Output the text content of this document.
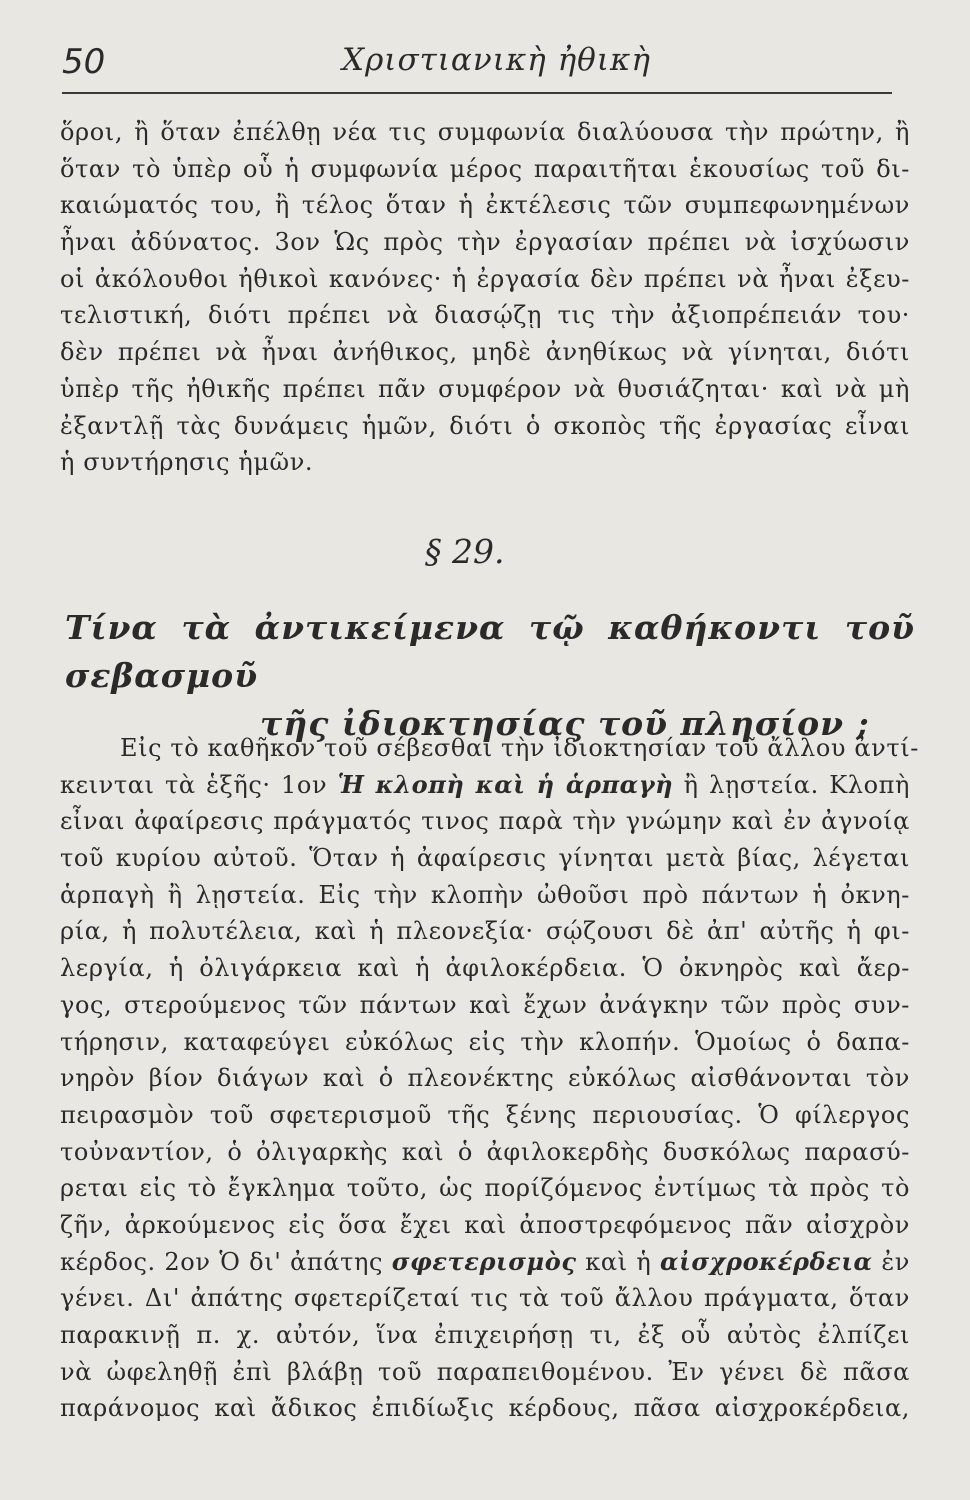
50	Χριστιανικὴ ἠθικὴ
ὅροι, ἢ ὅταν ἐπέλθῃ νέα τις συμφωνία διαλύουσα τὴν πρώτην, ἢ
ὅταν τὸ ὑπὲρ οὗ ἡ συμφωνία μέρος παραιτῆται ἑκουσίως τοῦ δι-
καιώματός του, ἢ τέλος ὅταν ἡ ἐκτέλεσις τῶν συμπεφωνημένων
ἦναι ἀδύνατος. 3ον Ὡς πρὸς τὴν ἐργασίαν πρέπει νὰ ἰσχύωσιν
οἱ ἀκόλουθοι ἠθικοὶ κανόνες· ἡ ἐργασία δὲν πρέπει νὰ ἦναι ἐξευ-
τελιστική, διότι πρέπει νὰ διασῴζῃ τις τὴν ἀξιοπρέπειάν του·
δὲν πρέπει νὰ ἦναι ἀνήθικος, μηδὲ ἀνηθίκως νὰ γίνηται, διότι
ὑπὲρ τῆς ἠθικῆς πρέπει πᾶν συμφέρον νὰ θυσιάζηται· καὶ νὰ μὴ
ἐξαντλῇ τὰς δυνάμεις ἡμῶν, διότι ὁ σκοπὸς τῆς ἐργασίας εἶναι
ἡ συντήρησις ἡμῶν.
§ 29.
Τίνα τὰ ἀντικείμενα τῷ καθήκοντι τοῦ σεβασμοῦ
τῆς ἰδιοκτησίας τοῦ πλησίον ;
Εἰς τὸ καθῆκον τοῦ σέβεσθαι τὴν ἰδιοκτησίαν τοῦ ἄλλου ἀντί-
κεινται τὰ ἑξῆς· 1ον Ἡ κλοπὴ καὶ ἡ ἁρπαγὴ ἢ λῃστεία. Κλοπὴ
εἶναι ἀφαίρεσις πράγματός τινος παρὰ τὴν γνώμην καὶ ἐν ἀγνοίᾳ
τοῦ κυρίου αὐτοῦ. Ὅταν ἡ ἀφαίρεσις γίνηται μετὰ βίας, λέγεται
ἁρπαγὴ ἢ λῃστεία. Εἰς τὴν κλοπὴν ὠθοῦσι πρὸ πάντων ἡ ὀκνη-
ρία, ἡ πολυτέλεια, καὶ ἡ πλεονεξία· σῴζουσι δὲ ἀπ' αὐτῆς ἡ φι-
λεργία, ἡ ὀλιγάρκεια καὶ ἡ ἀφιλοκέρδεια. Ὁ ὀκνηρὸς καὶ ἄερ-
γος, στερούμενος τῶν πάντων καὶ ἔχων ἀνάγκην τῶν πρὸς συν-
τήρησιν, καταφεύγει εὐκόλως εἰς τὴν κλοπήν. Ὁμοίως ὁ δαπα-
νηρὸν βίον διάγων καὶ ὁ πλεονέκτης εὐκόλως αἰσθάνονται τὸν
πειρασμὸν τοῦ σφετερισμοῦ τῆς ξένης περιουσίας. Ὁ φίλεργος
τοὐναντίον, ὁ ὀλιγαρκὴς καὶ ὁ ἀφιλοκερδὴς δυσκόλως παρασύ-
ρεται εἰς τὸ ἔγκλημα τοῦτο, ὡς πορίζόμενος ἐντίμως τὰ πρὸς τὸ
ζῆν, ἀρκούμενος εἰς ὅσα ἔχει καὶ ἀποστρεφόμενος πᾶν αἰσχρὸν
κέρδος. 2ον Ὁ δι' ἀπάτης σφετερισμὸς καὶ ἡ αἰσχροκέρδεια ἐν
γένει. Δι' ἀπάτης σφετερίζεταί τις τὰ τοῦ ἄλλου πράγματα, ὅταν
παρακινῇ π. χ. αὐτόν, ἵνα ἐπιχειρήσῃ τι, ἐξ οὗ αὐτὸς ἐλπίζει
νὰ ὠφεληθῇ ἐπὶ βλάβῃ τοῦ παραπειθομένου. Ἐν γένει δὲ πᾶσα
παράνομος καὶ ἄδικος ἐπιδίωξις κέρδους, πᾶσα αἰσχροκέρδεια,
